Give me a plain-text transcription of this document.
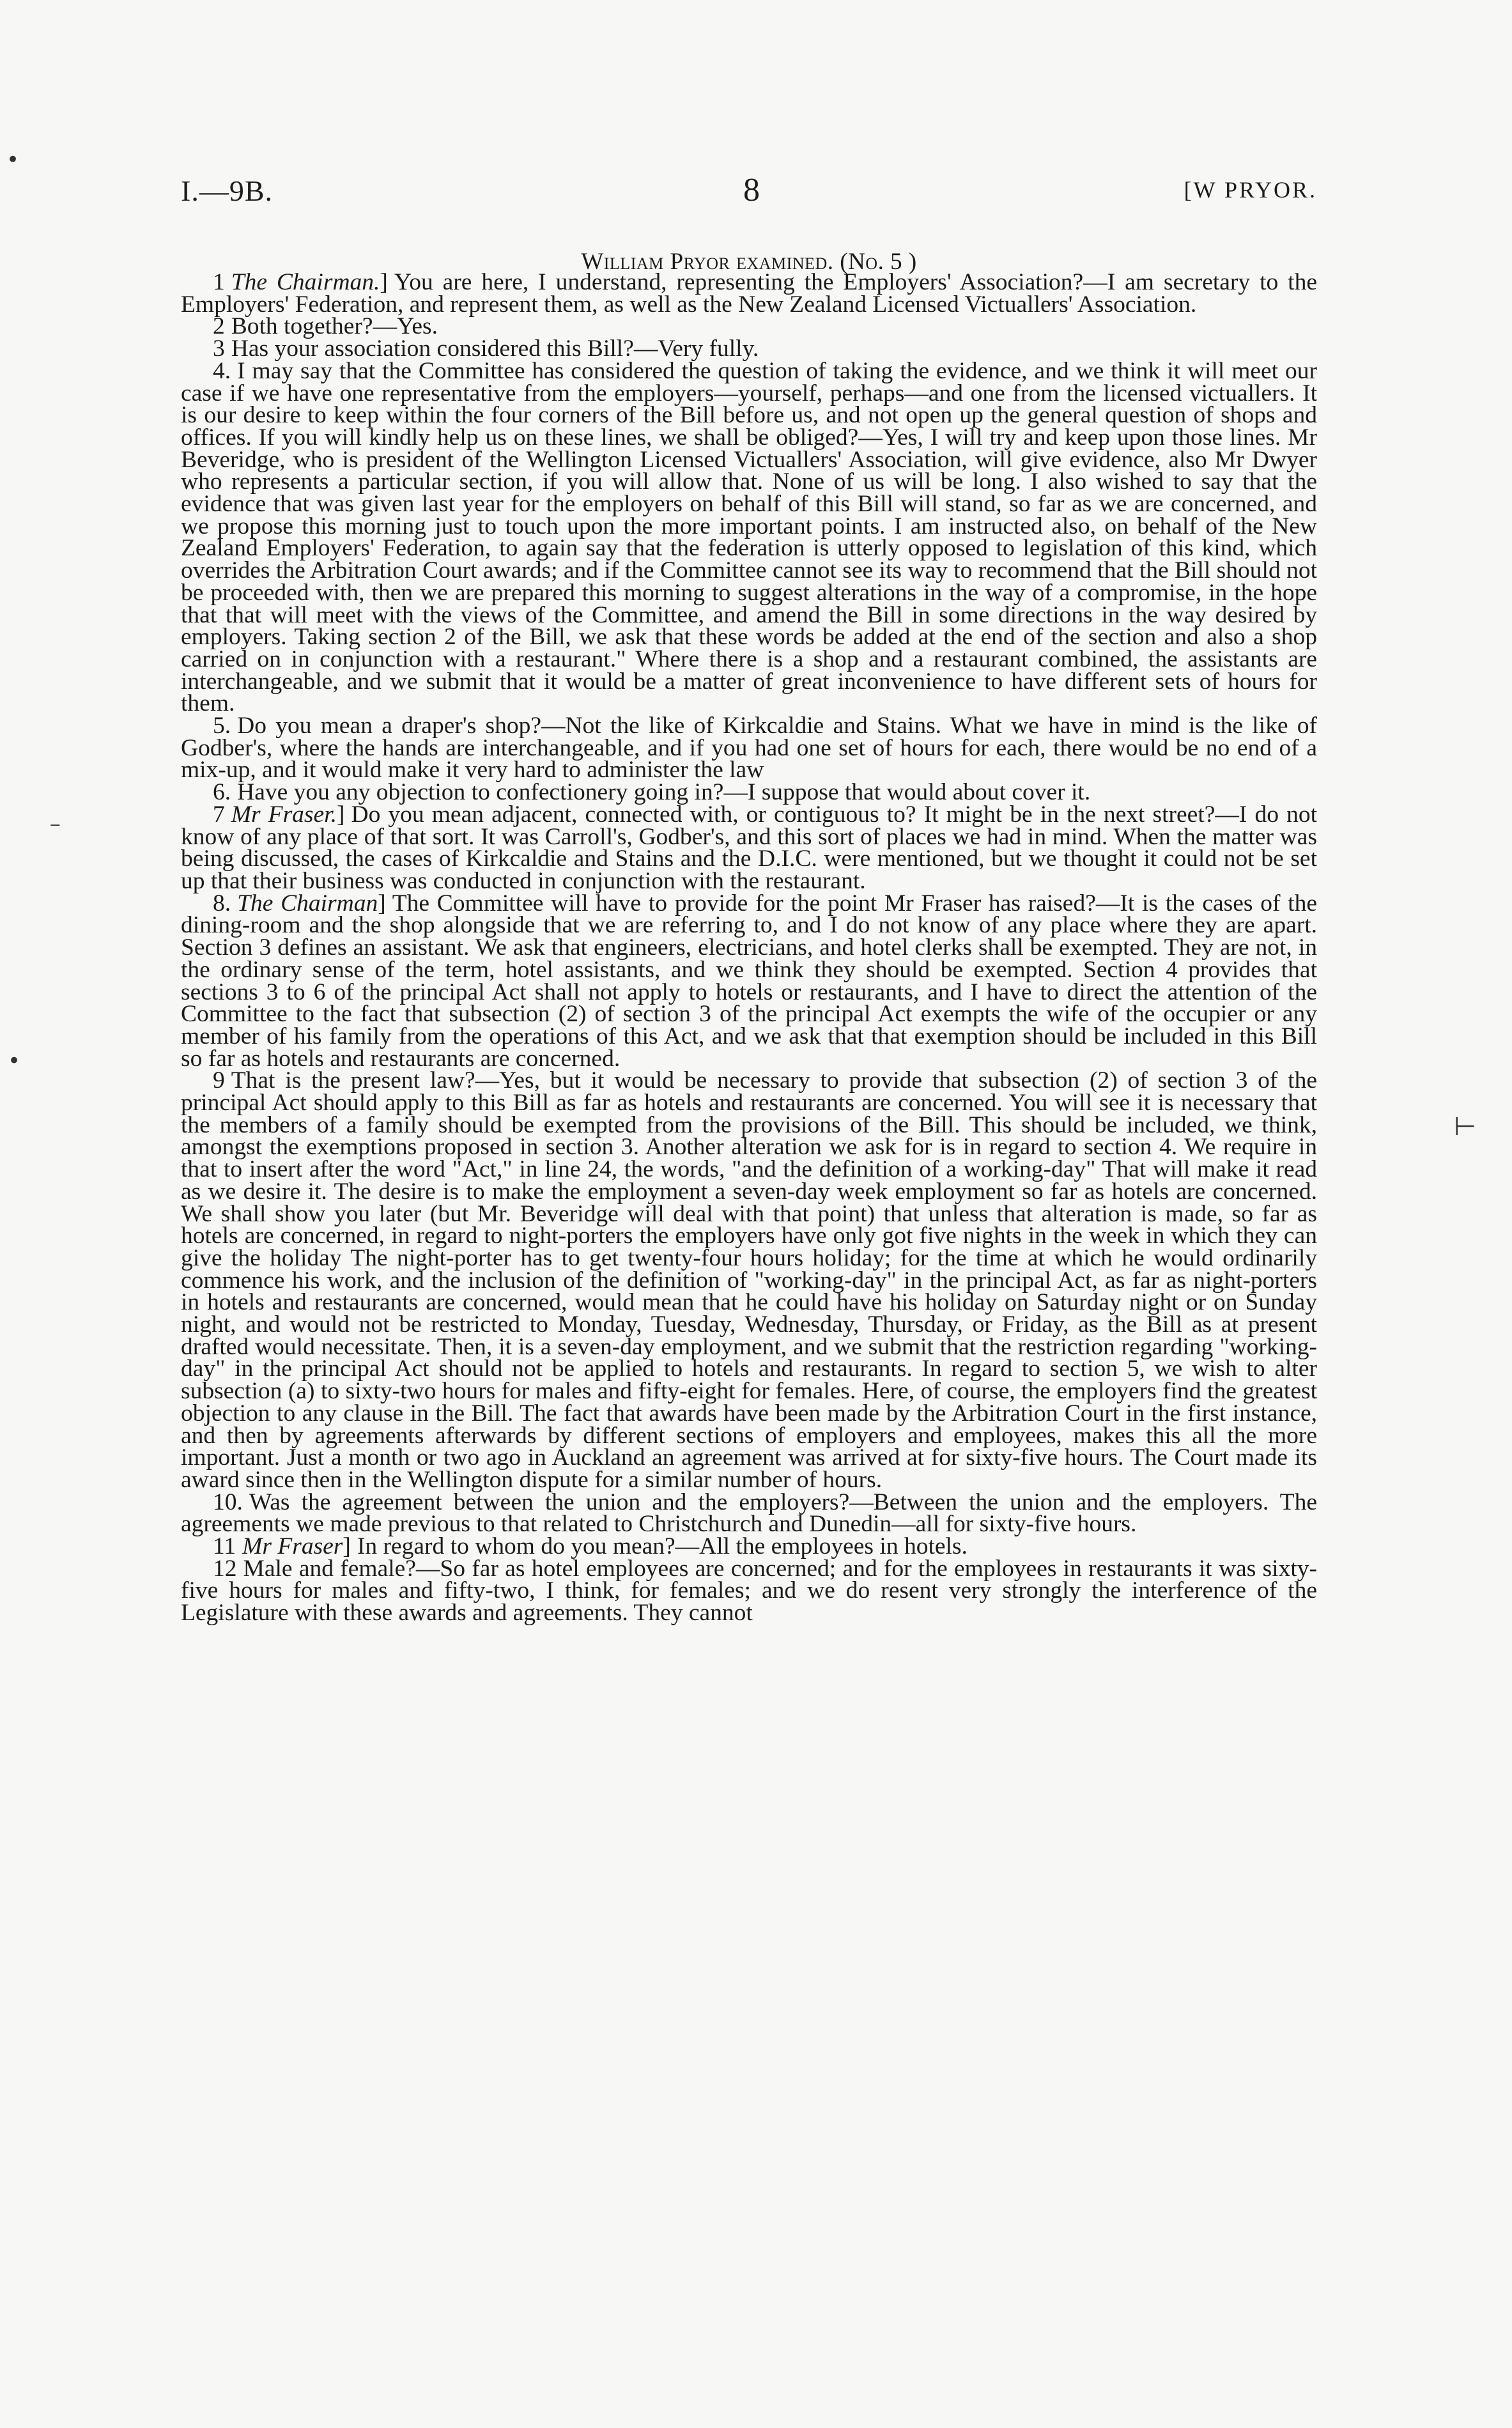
I.—9B.	8	[W PRYOR.
William Pryor examined. (No. 5 )

1 The Chairman.] You are here, I understand, representing the Employers' Association?—I am secretary to the Employers' Federation, and represent them, as well as the New Zealand Licensed Victuallers' Association.

2 Both together?—Yes.

3 Has your association considered this Bill?—Very fully.

4. I may say that the Committee has considered the question of taking the evidence, and we think it will meet our case if we have one representative from the employers—yourself, perhaps—and one from the licensed victuallers. It is our desire to keep within the four corners of the Bill before us, and not open up the general question of shops and offices. If you will kindly help us on these lines, we shall be obliged?—Yes, I will try and keep upon those lines. Mr Beveridge, who is president of the Wellington Licensed Victuallers' Association, will give evidence, also Mr Dwyer who represents a particular section, if you will allow that. None of us will be long. I also wished to say that the evidence that was given last year for the employers on behalf of this Bill will stand, so far as we are concerned, and we propose this morning just to touch upon the more important points. I am instructed also, on behalf of the New Zealand Employers' Federation, to again say that the federation is utterly opposed to legislation of this kind, which overrides the Arbitration Court awards; and if the Committee cannot see its way to recommend that the Bill should not be proceeded with, then we are prepared this morning to suggest alterations in the way of a compromise, in the hope that that will meet with the views of the Committee, and amend the Bill in some directions in the way desired by employers. Taking section 2 of the Bill, we ask that these words be added at the end of the section and also a shop carried on in conjunction with a restaurant." Where there is a shop and a restaurant combined, the assistants are interchangeable, and we submit that it would be a matter of great inconvenience to have different sets of hours for them.

5. Do you mean a draper's shop?—Not the like of Kirkcaldie and Stains. What we have in mind is the like of Godber's, where the hands are interchangeable, and if you had one set of hours for each, there would be no end of a mix-up, and it would make it very hard to administer the law

6. Have you any objection to confectionery going in?—I suppose that would about cover it.

7 Mr Fraser.] Do you mean adjacent, connected with, or contiguous to? It might be in the next street?—I do not know of any place of that sort. It was Carroll's, Godber's, and this sort of places we had in mind. When the matter was being discussed, the cases of Kirkcaldie and Stains and the D.I.C. were mentioned, but we thought it could not be set up that their business was conducted in conjunction with the restaurant.

8. The Chairman] The Committee will have to provide for the point Mr Fraser has raised?—It is the cases of the dining-room and the shop alongside that we are referring to, and I do not know of any place where they are apart. Section 3 defines an assistant. We ask that engineers, electricians, and hotel clerks shall be exempted. They are not, in the ordinary sense of the term, hotel assistants, and we think they should be exempted. Section 4 provides that sections 3 to 6 of the principal Act shall not apply to hotels or restaurants, and I have to direct the attention of the Committee to the fact that subsection (2) of section 3 of the principal Act exempts the wife of the occupier or any member of his family from the operations of this Act, and we ask that that exemption should be included in this Bill so far as hotels and restaurants are concerned.

9 That is the present law?—Yes, but it would be necessary to provide that subsection (2) of section 3 of the principal Act should apply to this Bill as far as hotels and restaurants are concerned. You will see it is necessary that the members of a family should be exempted from the provisions of the Bill. This should be included, we think, amongst the exemptions proposed in section 3. Another alteration we ask for is in regard to section 4. We require in that to insert after the word "Act," in line 24, the words, "and the definition of a working-day" That will make it read as we desire it. The desire is to make the employment a seven-day week employment so far as hotels are concerned. We shall show you later (but Mr. Beveridge will deal with that point) that unless that alteration is made, so far as hotels are concerned, in regard to night-porters the employers have only got five nights in the week in which they can give the holiday The night-porter has to get twenty-four hours holiday; for the time at which he would ordinarily commence his work, and the inclusion of the definition of "working-day" in the principal Act, as far as night-porters in hotels and restaurants are concerned, would mean that he could have his holiday on Saturday night or on Sunday night, and would not be restricted to Monday, Tuesday, Wednesday, Thursday, or Friday, as the Bill as at present drafted would necessitate. Then, it is a seven-day employment, and we submit that the restriction regarding "working-day" in the principal Act should not be applied to hotels and restaurants. In regard to section 5, we wish to alter subsection (a) to sixty-two hours for males and fifty-eight for females. Here, of course, the employers find the greatest objection to any clause in the Bill. The fact that awards have been made by the Arbitration Court in the first instance, and then by agreements afterwards by different sections of employers and employees, makes this all the more important. Just a month or two ago in Auckland an agreement was arrived at for sixty-five hours. The Court made its award since then in the Wellington dispute for a similar number of hours.

10. Was the agreement between the union and the employers?—Between the union and the employers. The agreements we made previous to that related to Christchurch and Dunedin—all for sixty-five hours.

11 Mr Fraser] In regard to whom do you mean?—All the employees in hotels.

12 Male and female?—So far as hotel employees are concerned; and for the employees in restaurants it was sixty-five hours for males and fifty-two, I think, for females; and we do resent very strongly the interference of the Legislature with these awards and agreements. They cannot

•
•
‒
⊢
